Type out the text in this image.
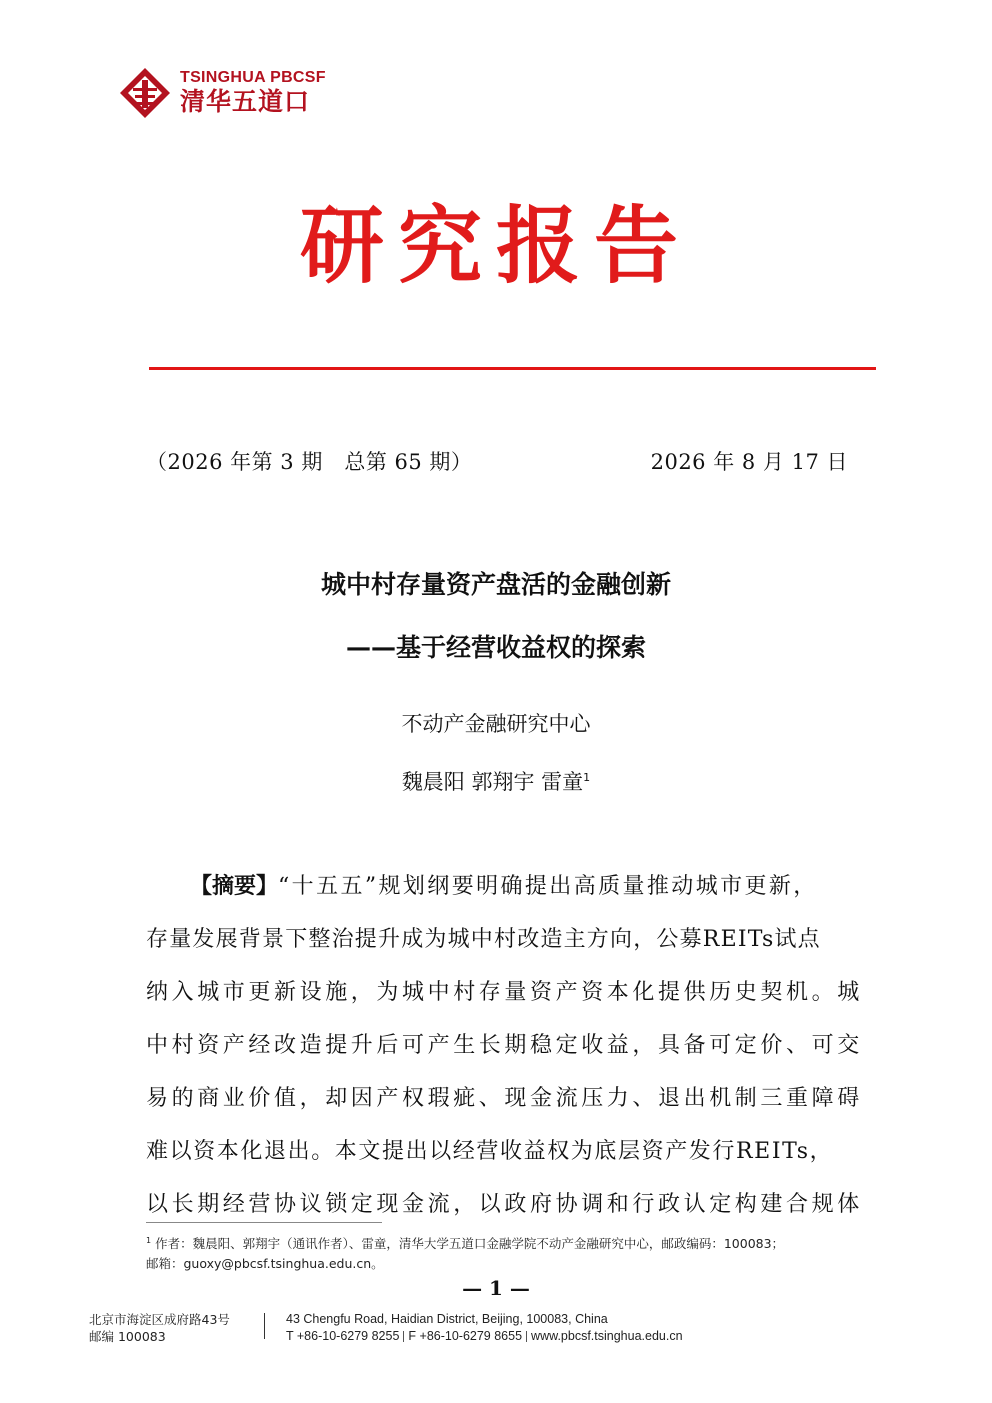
TSINGHUA PBCSF
清华五道口
研究报告
（2026 年第 3 期　总第 65 期）	2026 年 8 月 17 日
城中村存量资产盘活的金融创新
——基于经营收益权的探索
不动产金融研究中心
魏晨阳 郭翔宇 雷童$^1$
【摘要】“十五五”规划纲要明确提出高质量推动城市更新，
存量发展背景下整治提升成为城中村改造主方向，公募REITs试点
纳入城市更新设施，为城中村存量资产资本化提供历史契机。城
中村资产经改造提升后可产生长期稳定收益，具备可定价、可交
易的商业价值，却因产权瑕疵、现金流压力、退出机制三重障碍
难以资本化退出。本文提出以经营收益权为底层资产发行REITs，
以长期经营协议锁定现金流，以政府协调和行政认定构建合规体
$^1$ 作者：魏晨阳、郭翔宇（通讯作者）、雷童，清华大学五道口金融学院不动产金融研究中心，邮政编码：100083；
邮箱：guoxy@pbcsf.tsinghua.edu.cn。
— 1 —
北京市海淀区成府路43号
邮编 100083
43 Chengfu Road, Haidian District, Beijing, 100083, China
T +86-10-6279 8255 F +86-10-6279 8655 www.pbcsf.tsinghua.edu.cn
